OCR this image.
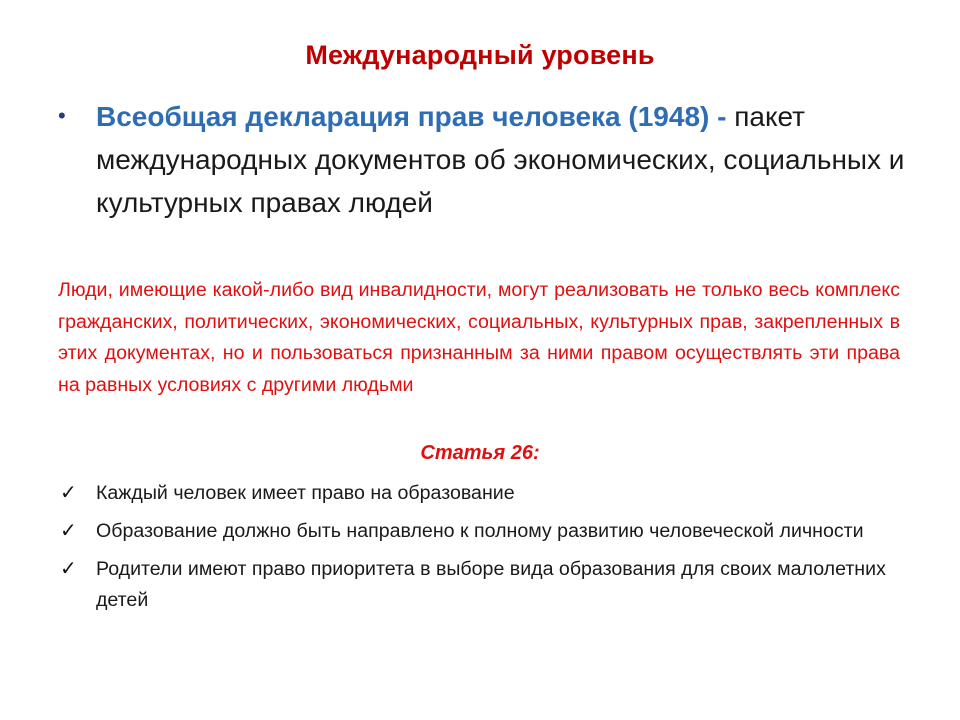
Международный уровень
• Всеобщая декларация прав человека (1948) - пакет международных документов об экономических, социальных и культурных правах людей
Люди, имеющие какой-либо вид инвалидности, могут реализовать не только весь комплекс гражданских, политических, экономических, социальных, культурных прав, закрепленных в этих документах, но и пользоваться признанным за ними правом осуществлять эти права на равных условиях с другими людьми
Статья 26:
✓ Каждый человек имеет право на образование
✓ Образование должно быть направлено к полному развитию человеческой личности
✓ Родители имеют право приоритета в выборе вида образования для своих малолетних детей
